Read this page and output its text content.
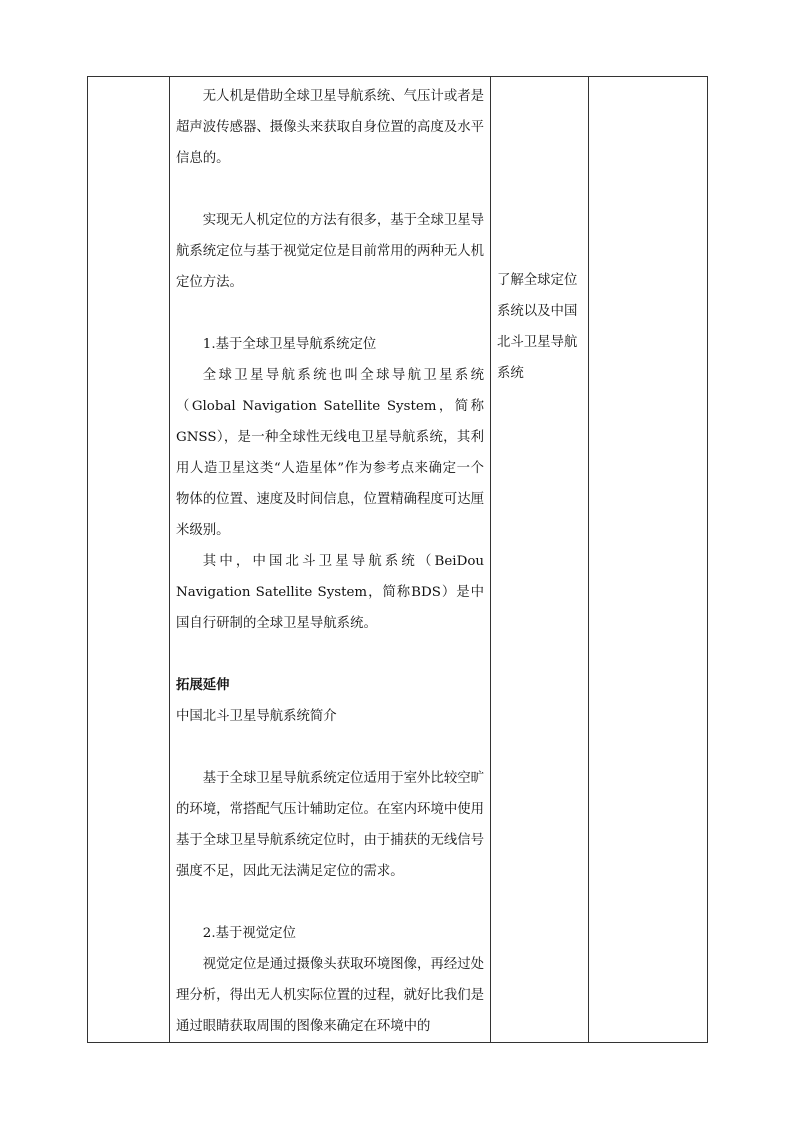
无人机是借助全球卫星导航系统、气压计或者是超声波传感器、摄像头来获取自身位置的高度及水平信息的。

实现无人机定位的方法有很多，基于全球卫星导航系统定位与基于视觉定位是目前常用的两种无人机定位方法。

1.基于全球卫星导航系统定位

全球卫星导航系统也叫全球导航卫星系统（Global Navigation Satellite System，简称GNSS），是一种全球性无线电卫星导航系统，其利用人造卫星这类“人造星体”作为参考点来确定一个物体的位置、速度及时间信息，位置精确程度可达厘米级别。

其中，中国北斗卫星导航系统（BeiDou Navigation Satellite System，简称BDS）是中国自行研制的全球卫星导航系统。

拓展延伸

中国北斗卫星导航系统简介

基于全球卫星导航系统定位适用于室外比较空旷的环境，常搭配气压计辅助定位。在室内环境中使用基于全球卫星导航系统定位时，由于捕获的无线信号强度不足，因此无法满足定位的需求。

2.基于视觉定位

视觉定位是通过摄像头获取环境图像，再经过处理分析，得出无人机实际位置的过程，就好比我们是通过眼睛获取周围的图像来确定在环境中的

了解全球定位系统以及中国北斗卫星导航系统
